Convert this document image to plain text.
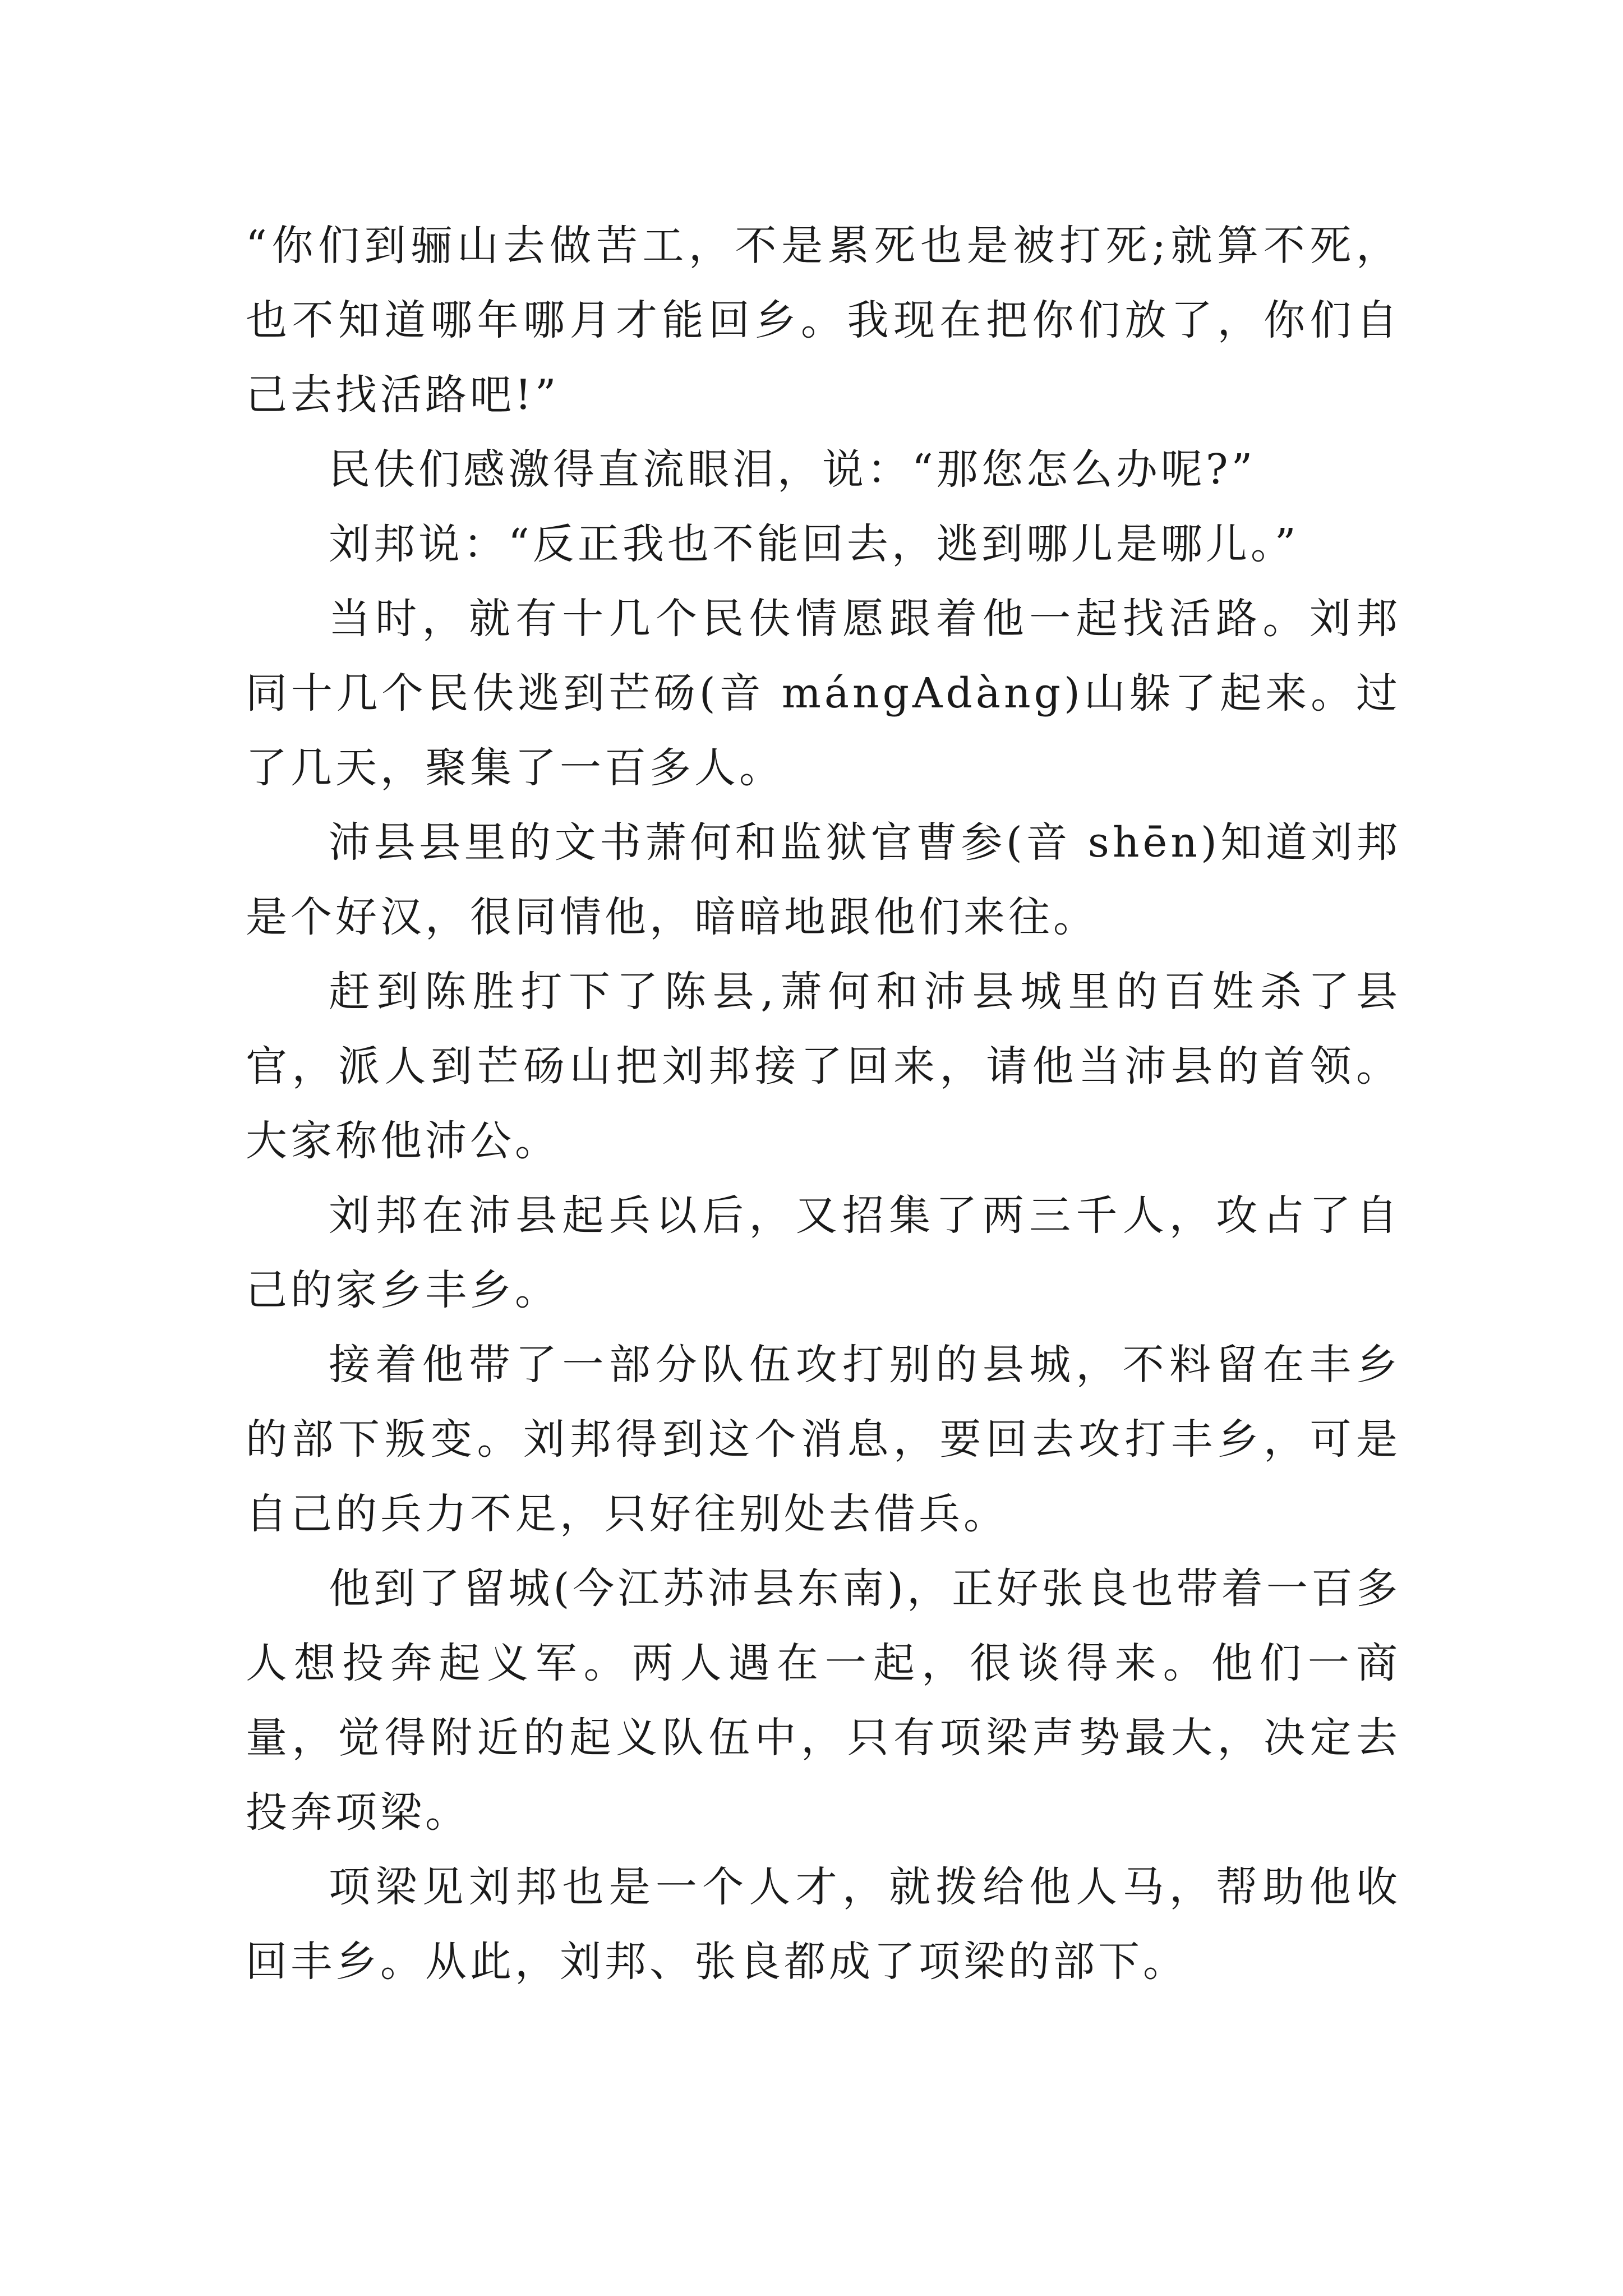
“你们到骊山去做苦工，不是累死也是被打死;就算不死，也不知道哪年哪月才能回乡。我现在把你们放了，你们自己去找活路吧!”

民伕们感激得直流眼泪，说：“那您怎么办呢?”

刘邦说：“反正我也不能回去，逃到哪儿是哪儿。”

当时，就有十几个民伕情愿跟着他一起找活路。刘邦同十几个民伕逃到芒砀(音 mángAdàng)山躲了起来。过了几天，聚集了一百多人。

沛县县里的文书萧何和监狱官曹参(音 shēn)知道刘邦是个好汉，很同情他，暗暗地跟他们来往。

赶到陈胜打下了陈县,萧何和沛县城里的百姓杀了县官，派人到芒砀山把刘邦接了回来，请他当沛县的首领。大家称他沛公。

刘邦在沛县起兵以后，又招集了两三千人，攻占了自己的家乡丰乡。

接着他带了一部分队伍攻打别的县城，不料留在丰乡的部下叛变。刘邦得到这个消息，要回去攻打丰乡，可是自己的兵力不足，只好往别处去借兵。

他到了留城(今江苏沛县东南)，正好张良也带着一百多人想投奔起义军。两人遇在一起，很谈得来。他们一商量，觉得附近的起义队伍中，只有项梁声势最大，决定去投奔项梁。

项梁见刘邦也是一个人才，就拨给他人马，帮助他收回丰乡。从此，刘邦、张良都成了项梁的部下。
